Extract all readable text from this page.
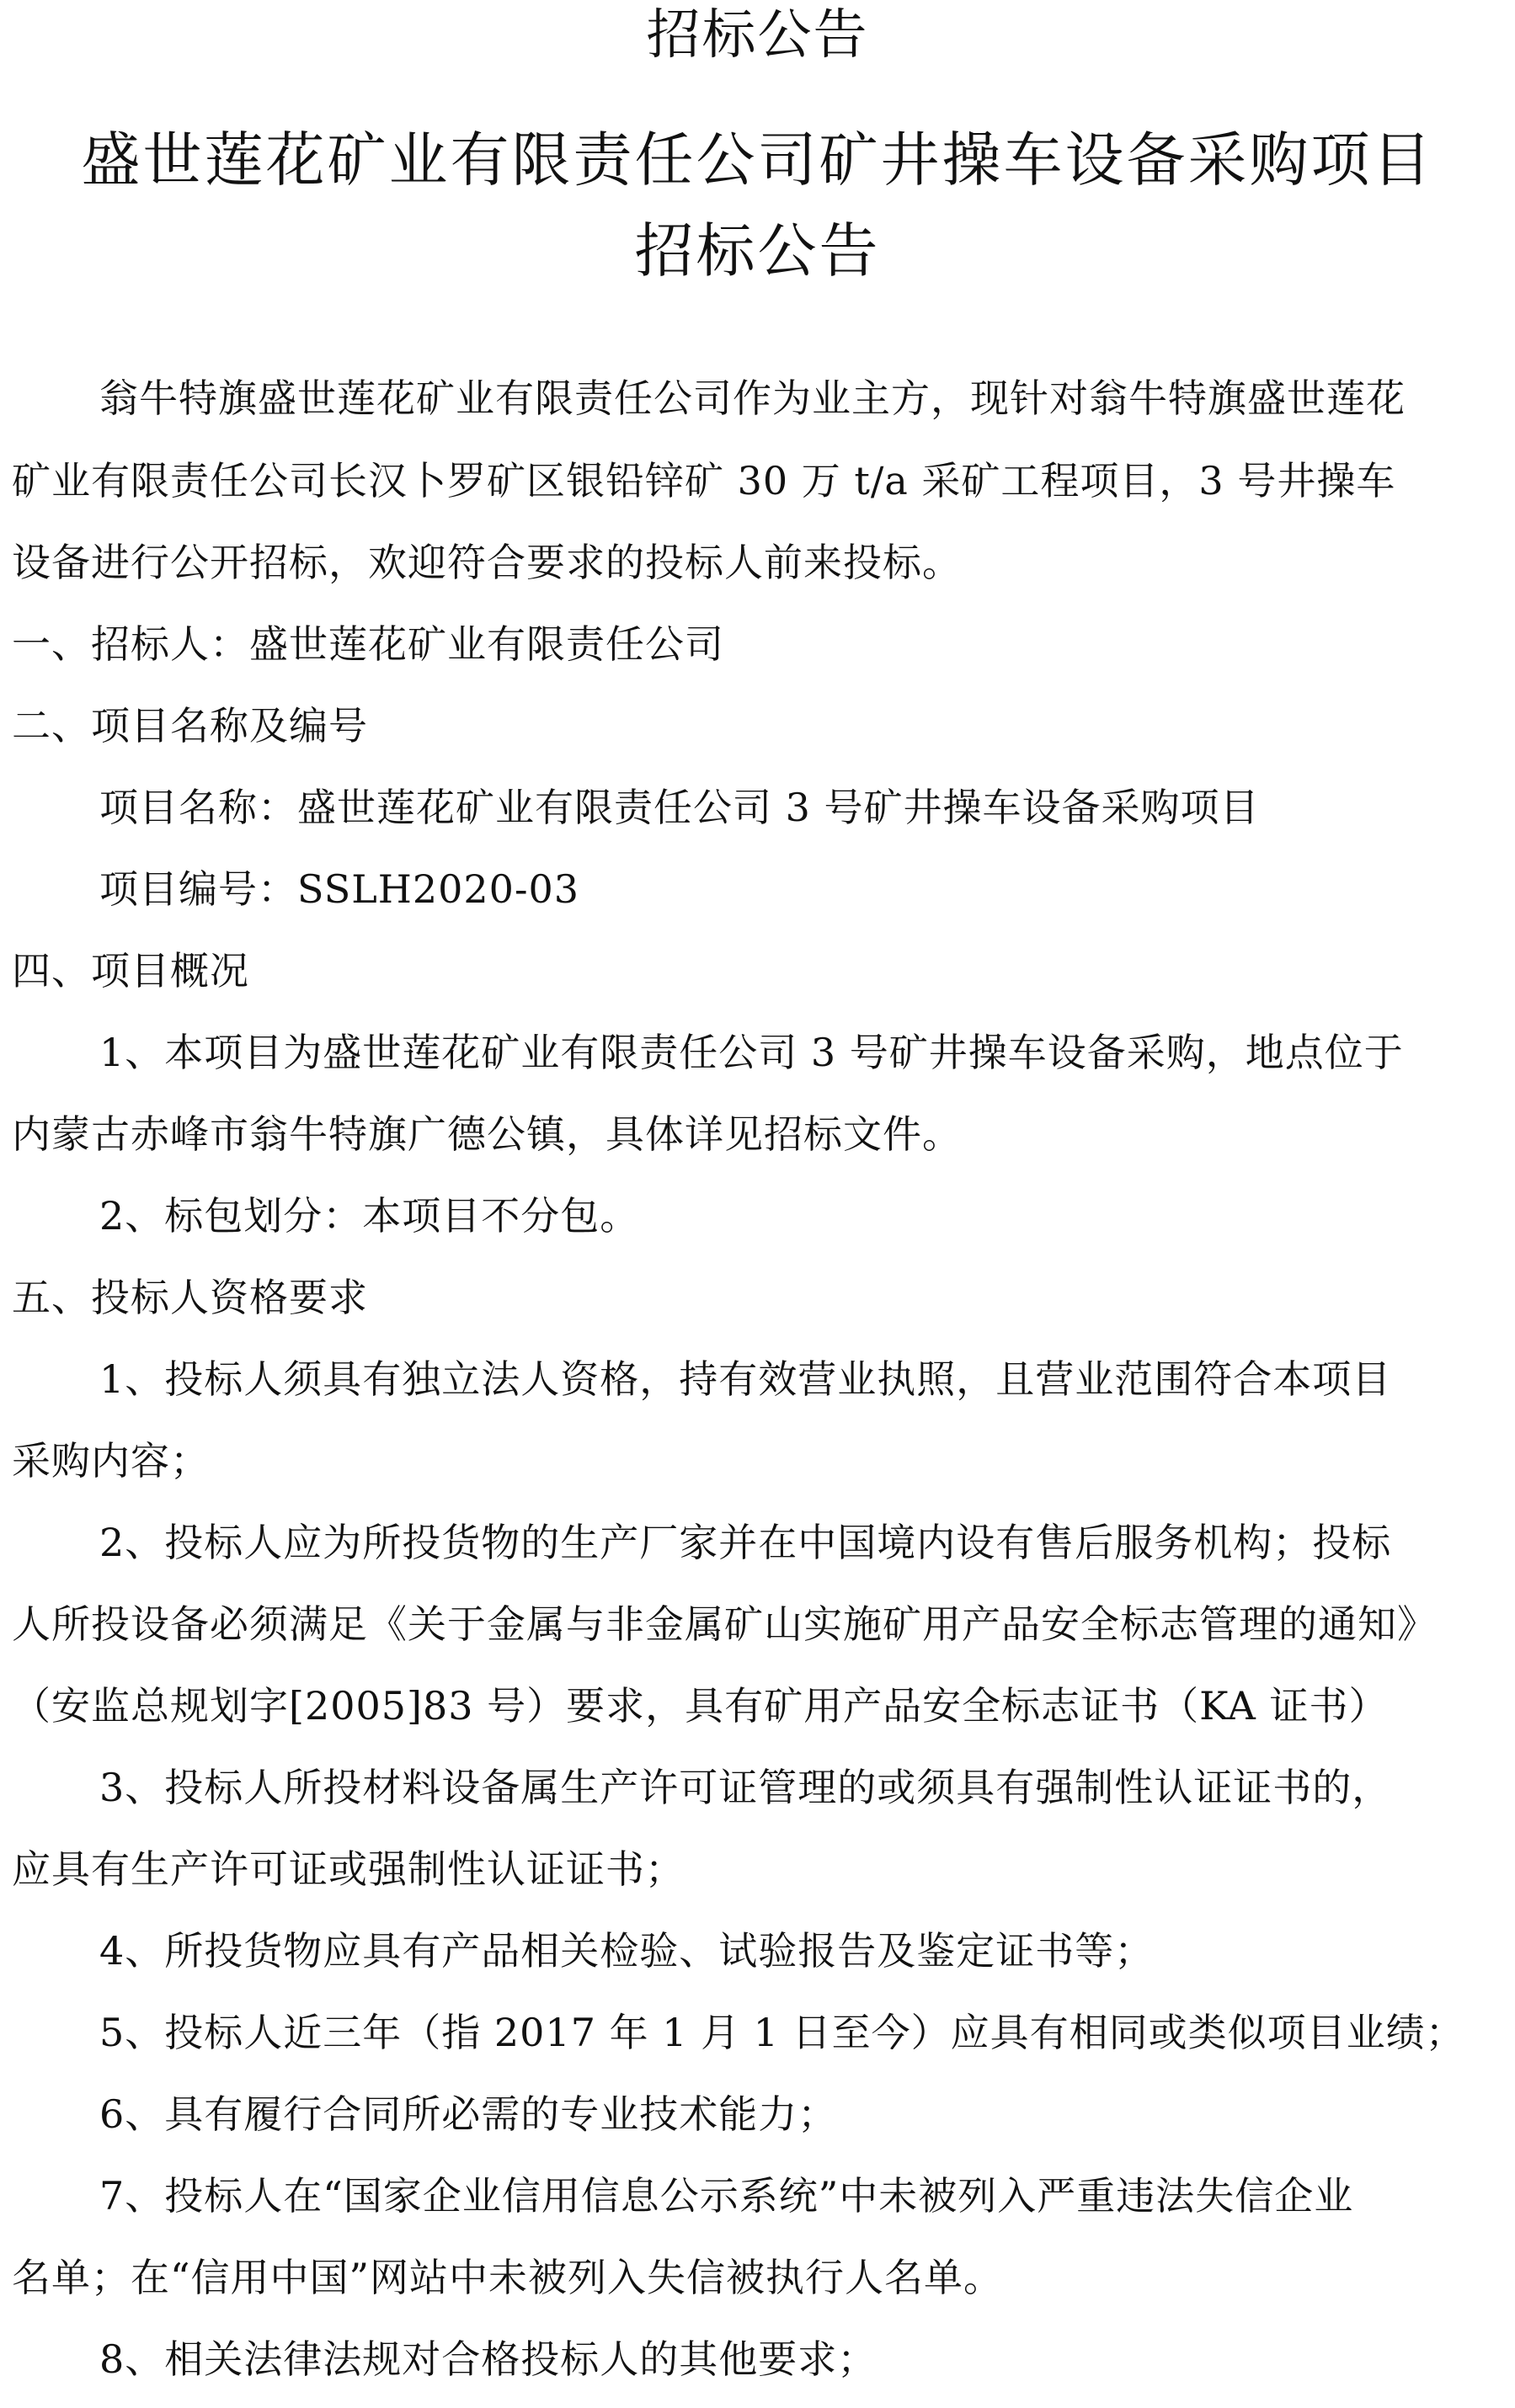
招标公告
盛世莲花矿业有限责任公司矿井操车设备采购项目
招标公告
翁牛特旗盛世莲花矿业有限责任公司作为业主方，现针对翁牛特旗盛世莲花
矿业有限责任公司长汉卜罗矿区银铅锌矿 30 万 t/a 采矿工程项目，3 号井操车
设备进行公开招标，欢迎符合要求的投标人前来投标。
一、招标人：盛世莲花矿业有限责任公司
二、项目名称及编号
项目名称：盛世莲花矿业有限责任公司 3 号矿井操车设备采购项目
项目编号：SSLH2020-03
四、项目概况
1、本项目为盛世莲花矿业有限责任公司 3 号矿井操车设备采购，地点位于
内蒙古赤峰市翁牛特旗广德公镇，具体详见招标文件。
2、标包划分：本项目不分包。
五、投标人资格要求
1、投标人须具有独立法人资格，持有效营业执照，且营业范围符合本项目
采购内容；
2、投标人应为所投货物的生产厂家并在中国境内设有售后服务机构；投标
人所投设备必须满足《关于金属与非金属矿山实施矿用产品安全标志管理的通知》
（安监总规划字[2005]83 号）要求，具有矿用产品安全标志证书（KA 证书）
3、投标人所投材料设备属生产许可证管理的或须具有强制性认证证书的，
应具有生产许可证或强制性认证证书；
4、所投货物应具有产品相关检验、试验报告及鉴定证书等；
5、投标人近三年（指 2017 年 1 月 1 日至今）应具有相同或类似项目业绩；
6、具有履行合同所必需的专业技术能力；
7、投标人在“国家企业信用信息公示系统”中未被列入严重违法失信企业
名单；在“信用中国”网站中未被列入失信被执行人名单。
8、相关法律法规对合格投标人的其他要求；
